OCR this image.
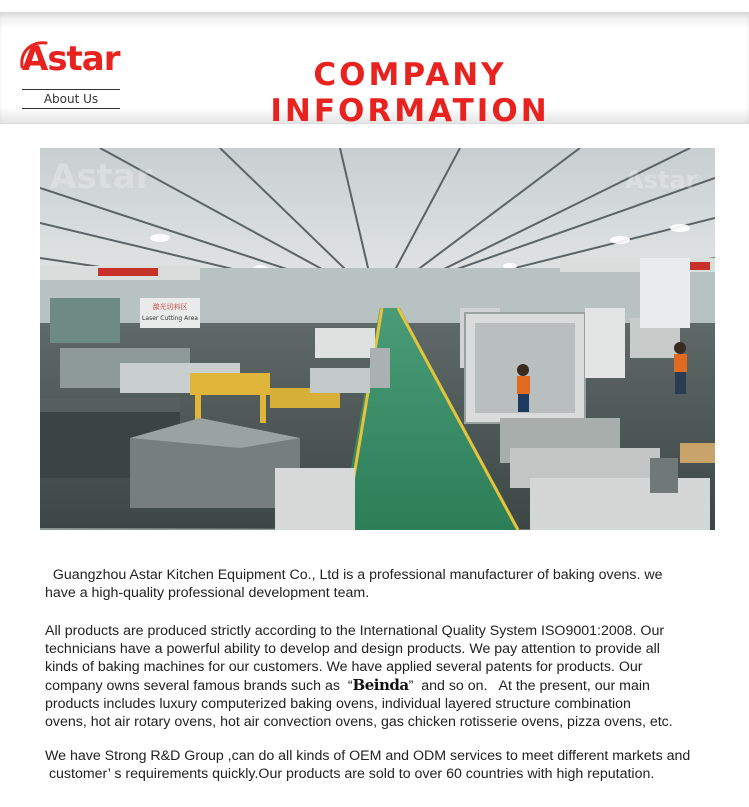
Astar
About Us
COMPANY INFORMATION
激光切料区
Laser Cutting Area
Astar	Astar
Guangzhou Astar Kitchen Equipment Co., Ltd is a professional manufacturer of baking ovens. we
have a high-quality professional development team.
All products are produced strictly according to the International Quality System ISO9001:2008. Our
technicians have a powerful ability to develop and design products. We pay attention to provide all
kinds of baking machines for our customers. We have applied several patents for products. Our
company owns several famous brands such as  “Beinda”  and so on.   At the present, our main
products includes luxury computerized baking ovens, individual layered structure combination
ovens, hot air rotary ovens, hot air convection ovens, gas chicken rotisserie ovens, pizza ovens, etc.
We have Strong R&D Group ,can do all kinds of OEM and ODM services to meet different markets and
customer’ s requirements quickly.Our products are sold to over 60 countries with high reputation.
